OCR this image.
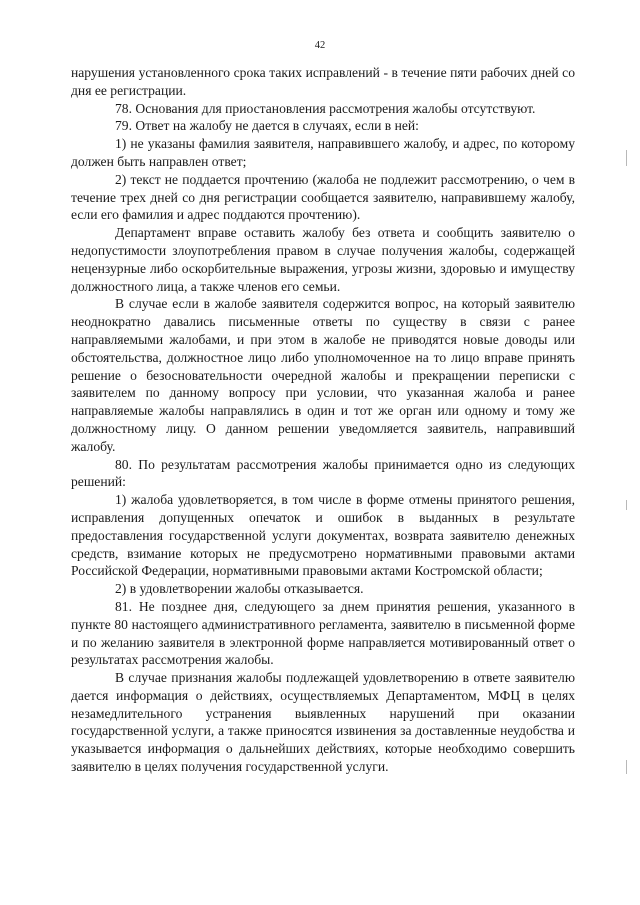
42

нарушения установленного срока таких исправлений - в течение пяти рабочих дней со дня ее регистрации.

78. Основания для приостановления рассмотрения жалобы отсутствуют.

79. Ответ на жалобу не дается в случаях, если в ней:

1) не указаны фамилия заявителя, направившего жалобу, и адрес, по которому должен быть направлен ответ;

2) текст не поддается прочтению (жалоба не подлежит рассмотрению, о чем в течение трех дней со дня регистрации сообщается заявителю, направившему жалобу, если его фамилия и адрес поддаются прочтению).

Департамент вправе оставить жалобу без ответа и сообщить заявителю о недопустимости злоупотребления правом в случае получения жалобы, содержащей нецензурные либо оскорбительные выражения, угрозы жизни, здоровью и имуществу должностного лица, а также членов его семьи.

В случае если в жалобе заявителя содержится вопрос, на который заявителю неоднократно давались письменные ответы по существу в связи с ранее направляемыми жалобами, и при этом в жалобе не приводятся новые доводы или обстоятельства, должностное лицо либо уполномоченное на то лицо вправе принять решение о безосновательности очередной жалобы и прекращении переписки с заявителем по данному вопросу при условии, что указанная жалоба и ранее направляемые жалобы направлялись в один и тот же орган или одному и тому же должностному лицу. О данном решении уведомляется заявитель, направивший жалобу.

80. По результатам рассмотрения жалобы принимается одно из следующих решений:

1) жалоба удовлетворяется, в том числе в форме отмены принятого решения, исправления допущенных опечаток и ошибок в выданных в результате предоставления государственной услуги документах, возврата заявителю денежных средств, взимание которых не предусмотрено нормативными правовыми актами Российской Федерации, нормативными правовыми актами Костромской области;

2) в удовлетворении жалобы отказывается.

81. Не позднее дня, следующего за днем принятия решения, указанного в пункте 80 настоящего административного регламента, заявителю в письменной форме и по желанию заявителя в электронной форме направляется мотивированный ответ о результатах рассмотрения жалобы.

В случае признания жалобы подлежащей удовлетворению в ответе заявителю дается информация о действиях, осуществляемых Департаментом, МФЦ в целях незамедлительного устранения выявленных нарушений при оказании государственной услуги, а также приносятся извинения за доставленные неудобства и указывается информация о дальнейших действиях, которые необходимо совершить заявителю в целях получения государственной услуги.
